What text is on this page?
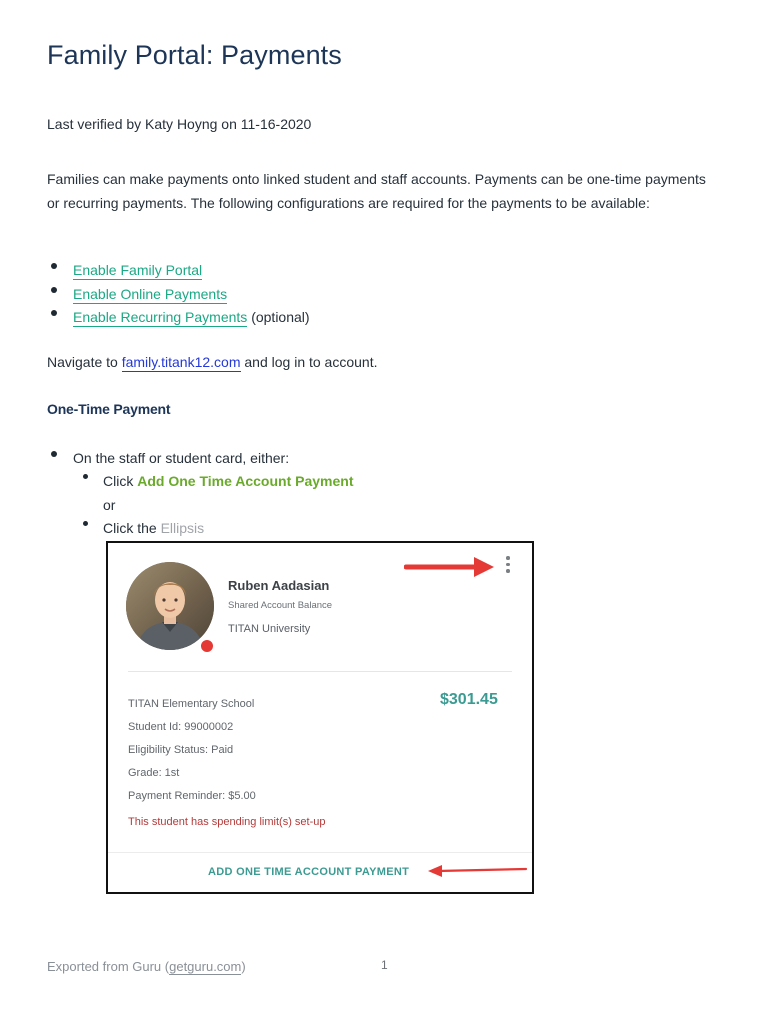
Family Portal: Payments
Last verified by Katy Hoyng on 11-16-2020

Families can make payments onto linked student and staff accounts. Payments can be one-time payments or recurring payments. The following configurations are required for the payments to be available:

Enable Family Portal
Enable Online Payments
Enable Recurring Payments (optional)
Navigate to family.titank12.com and log in to account.
One-Time Payment
On the staff or student card, either:
Click Add One Time Account Payment
or
Click the Ellipsis
Ruben Aadasian
Shared Account Balance
TITAN University
TITAN Elementary School
Student Id: 99000002
Eligibility Status: Paid
Grade: 1st
Payment Reminder: $5.00
$301.45
This student has spending limit(s) set-up
ADD ONE TIME ACCOUNT PAYMENT
Exported from Guru (getguru.com)	1
